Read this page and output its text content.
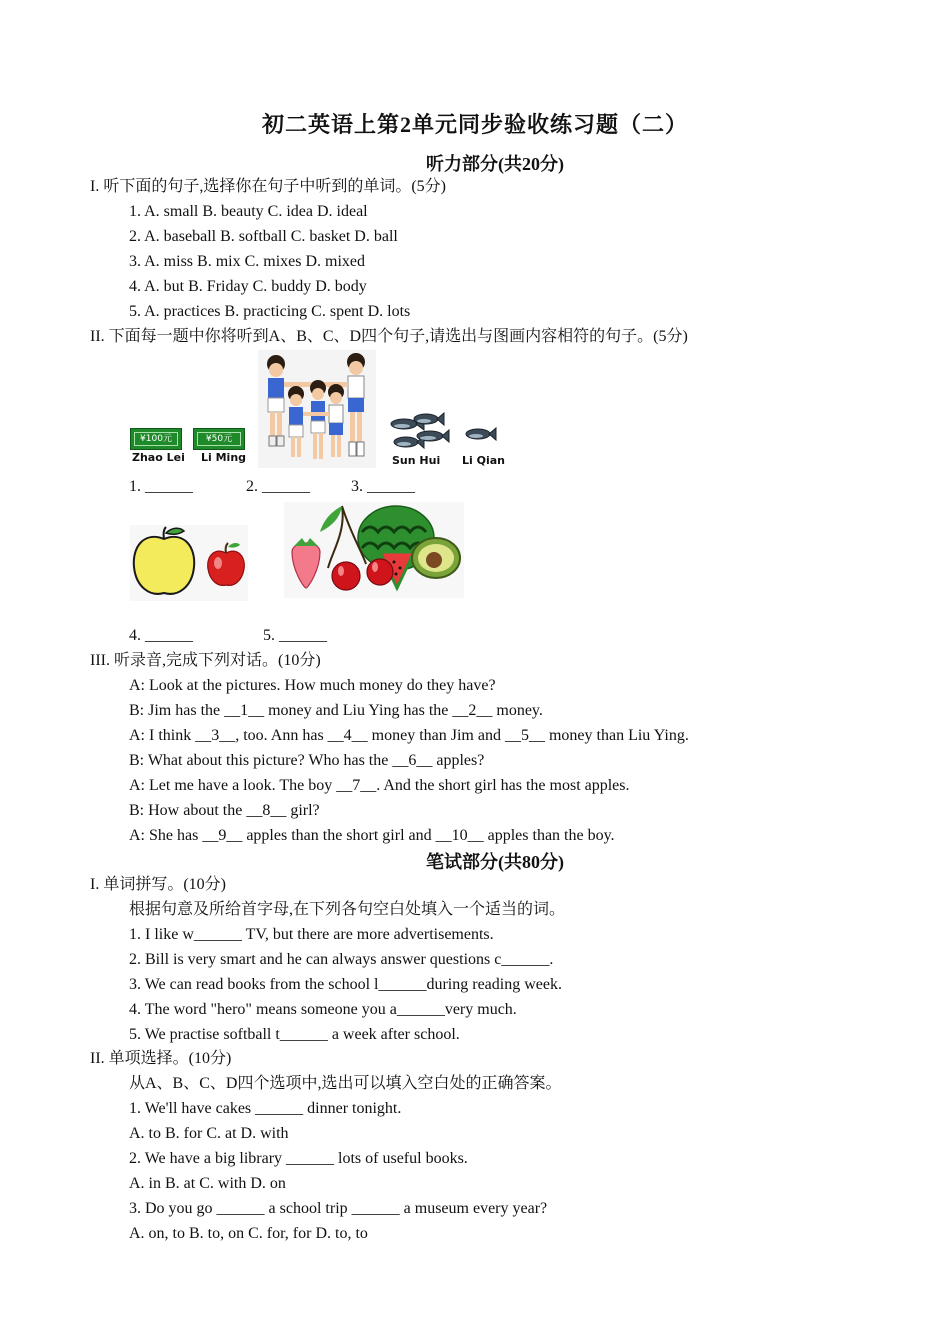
初二英语上第2单元同步验收练习题（二）
听力部分(共20分)
I. 听下面的句子,选择你在句子中听到的单词。(5分)
1. A. small B. beauty C. idea D. ideal
2. A. baseball B. softball C. basket D. ball
3. A. miss B. mix C. mixes D. mixed
4. A. but B. Friday C. buddy D. body
5. A. practices B. practicing C. spent D. lots
II. 下面每一题中你将听到A、B、C、D四个句子,请选出与图画内容相符的句子。(5分)
¥100元	¥50元
Zhao Lei Li Ming	Sun Hui Li Qian
1. ______	2. ______	3. ______
4. ______	5. ______
III. 听录音,完成下列对话。(10分)
A: Look at the pictures. How much money do they have?
B: Jim has the __1__ money and Liu Ying has the __2__ money.
A: I think __3__, too. Ann has __4__ money than Jim and __5__ money than Liu Ying.
B: What about this picture? Who has the __6__ apples?
A: Let me have a look. The boy __7__. And the short girl has the most apples.
B: How about the __8__ girl?
A: She has __9__ apples than the short girl and __10__ apples than the boy.
笔试部分(共80分)
I. 单词拼写。(10分)
根据句意及所给首字母,在下列各句空白处填入一个适当的词。
1. I like w______ TV, but there are more advertisements.
2. Bill is very smart and he can always answer questions c______.
3. We can read books from the school l______during reading week.
4. The word "hero" means someone you a______very much.
5. We practise softball t______ a week after school.
II. 单项选择。(10分)
从A、B、C、D四个选项中,选出可以填入空白处的正确答案。
1. We'll have cakes ______ dinner tonight.
A. to B. for C. at D. with
2. We have a big library ______ lots of useful books.
A. in B. at C. with D. on
3. Do you go ______ a school trip ______ a museum every year?
A. on, to B. to, on C. for, for D. to, to
